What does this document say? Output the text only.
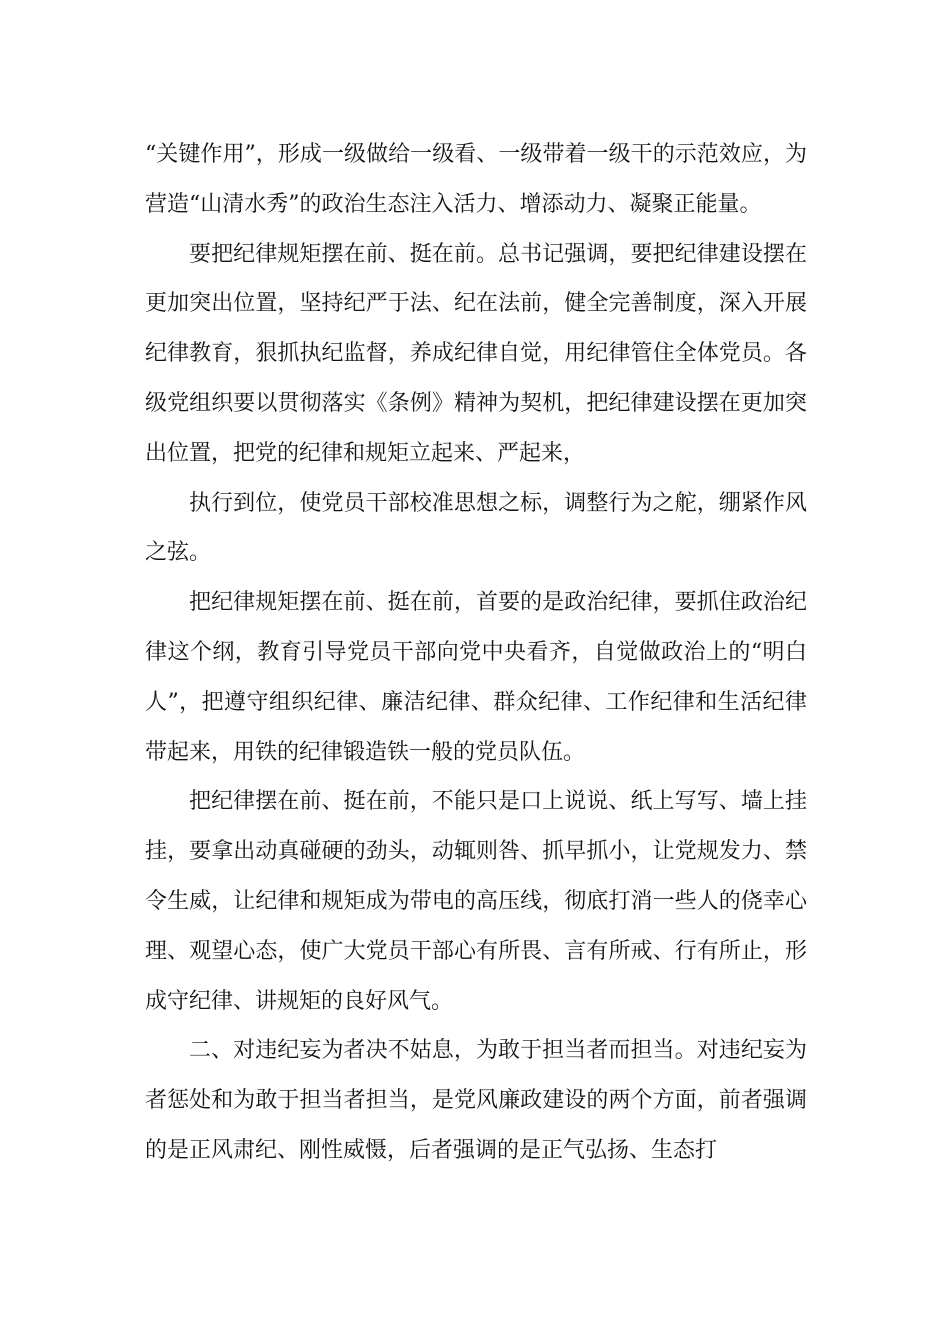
“关键作用”，形成一级做给一级看、一级带着一级干的示范效应，为营造“山清水秀”的政治生态注入活力、增添动力、凝聚正能量。

要把纪律规矩摆在前、挺在前。总书记强调，要把纪律建设摆在更加突出位置，坚持纪严于法、纪在法前，健全完善制度，深入开展纪律教育，狠抓执纪监督，养成纪律自觉，用纪律管住全体党员。各级党组织要以贯彻落实《条例》精神为契机，把纪律建设摆在更加突出位置，把党的纪律和规矩立起来、严起来，

执行到位，使党员干部校准思想之标，调整行为之舵，绷紧作风之弦。

把纪律规矩摆在前、挺在前，首要的是政治纪律，要抓住政治纪律这个纲，教育引导党员干部向党中央看齐，自觉做政治上的“明白人”，把遵守组织纪律、廉洁纪律、群众纪律、工作纪律和生活纪律带起来，用铁的纪律锻造铁一般的党员队伍。

把纪律摆在前、挺在前，不能只是口上说说、纸上写写、墙上挂挂，要拿出动真碰硬的劲头，动辄则咎、抓早抓小，让党规发力、禁令生威，让纪律和规矩成为带电的高压线，彻底打消一些人的侥幸心理、观望心态，使广大党员干部心有所畏、言有所戒、行有所止，形成守纪律、讲规矩的良好风气。

二、对违纪妄为者决不姑息，为敢于担当者而担当。对违纪妄为者惩处和为敢于担当者担当，是党风廉政建设的两个方面，前者强调的是正风肃纪、刚性威慑，后者强调的是正气弘扬、生态打
